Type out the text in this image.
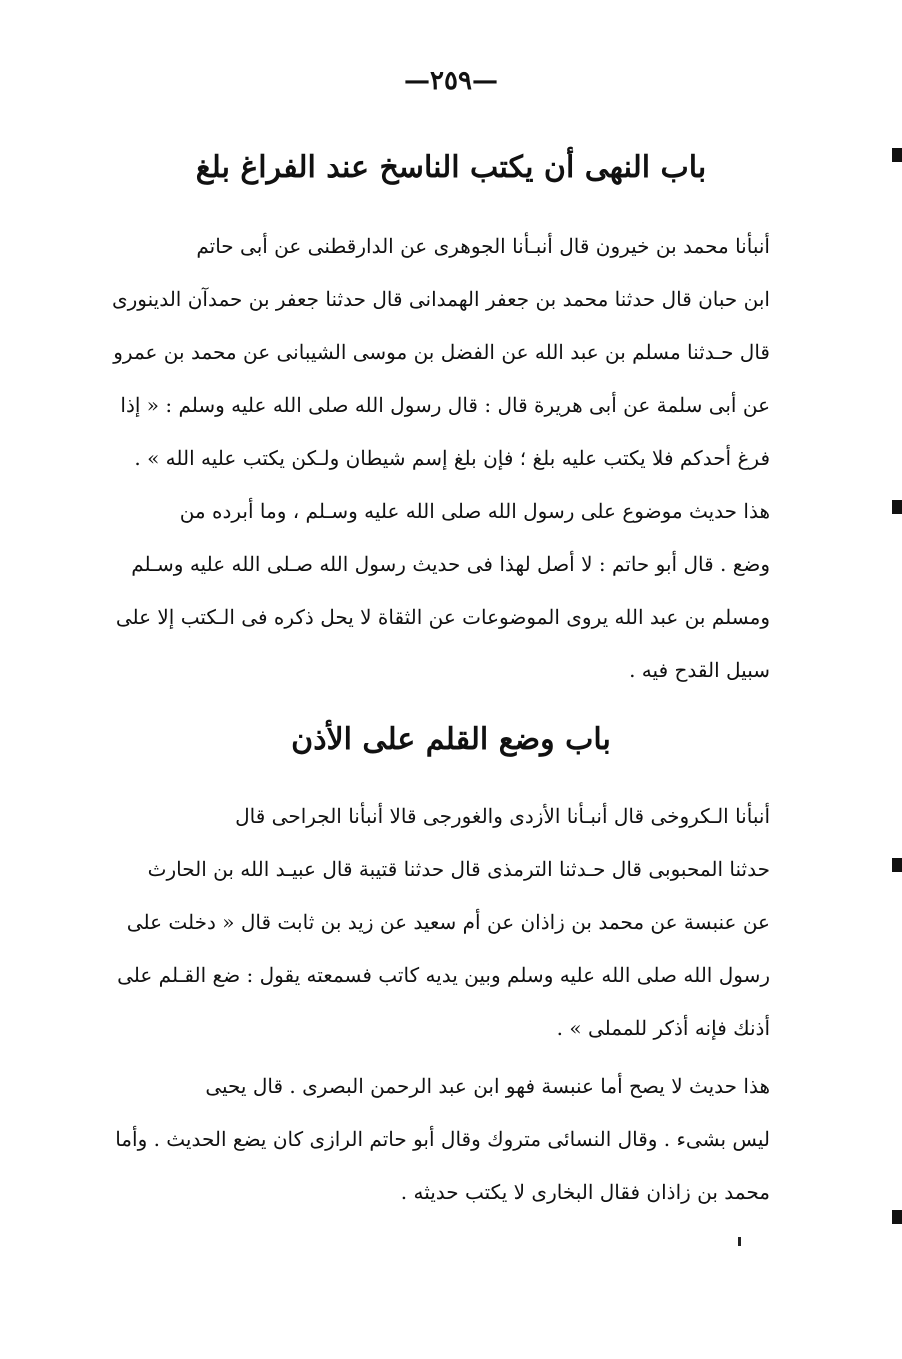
—٢٥٩—
باب النهى أن يكتب الناسخ عند الفراغ بلغ
أنبأنا محمد بن خيرون قال أنبـأنا الجوهرى عن الدارقطنى عن أبى حاتم
ابن حبان قال حدثنا محمد بن جعفر الهمدانى قال حدثنا جعفر بن حمدآن الدينورى
قال حـدثنا مسلم بن عبد الله عن الفضل بن موسى الشيبانى عن محمد بن عمرو
عن أبى سلمة عن أبى هريرة قال : قال رسول الله صلى الله عليه وسلم : « إذا
فرغ أحدكم فلا يكتب عليه بلغ ؛ فإن بلغ إسم شيطان ولـكن يكتب عليه الله » .
هذا حديث موضوع على رسول الله صلى الله عليه وسـلم ، وما أبرده من
وضع . قال أبو حاتم : لا أصل لهذا فى حديث رسول الله صـلى الله عليه وسـلم
ومسلم بن عبد الله يروى الموضوعات عن الثقاة لا يحل ذكره فى الـكتب إلا على
سبيل القدح فيه .
باب وضع القلم على الأذن
أنبأنا الـكروخى قال أنبـأنا الأزدى والغورجى قالا أنبأنا الجراحى قال
حدثنا المحبوبى قال حـدثنا الترمذى قال حدثنا قتيبة قال عبيـد الله بن الحارث
عن عنبسة عن محمد بن زاذان عن أم سعيد عن زيد بن ثابت قال « دخلت على
رسول الله صلى الله عليه وسلم وبين يديه كاتب فسمعته يقول : ضع القـلم على
أذنك فإنه أذكر للمملى » .
هذا حديث لا يصح أما عنبسة فهو ابن عبد الرحمن البصرى . قال يحيى
ليس بشىء . وقال النسائى متروك وقال أبو حاتم الرازى كان يضع الحديث . وأما
محمد بن زاذان فقال البخارى لا يكتب حديثه .
